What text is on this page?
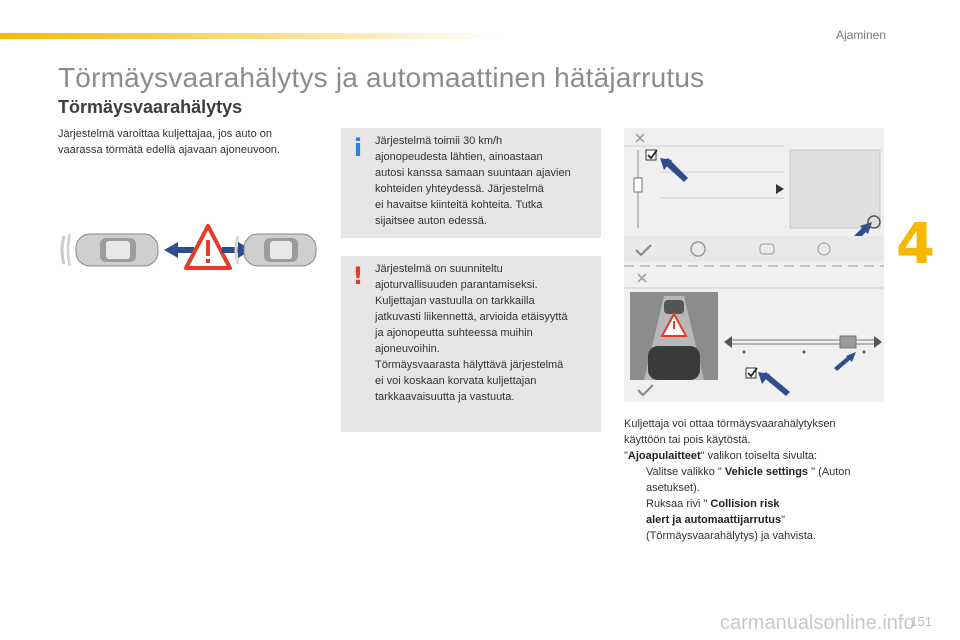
Ajaminen
Törmäysvaarahälytys ja automaattinen hätäjarrutus
Törmäysvaarahälytys
Järjestelmä varoittaa kuljettajaa, jos auto on
vaarassa törmätä edellä ajavaan ajoneuvoon.	i	Järjestelmä toimii 30 km/h
ajonopeudesta lähtien, ainoastaan
autosi kanssa samaan suuntaan ajavien
kohteiden yhteydessä. Järjestelmä
ei havaitse kiinteitä kohteita. Tutka
sijaitsee auton edessä.
!	Järjestelmä on suunniteltu
ajoturvallisuuden parantamiseksi.
Kuljettajan vastuulla on tarkkailla
jatkuvasti liikennettä, arvioida etäisyyttä
ja ajonopeutta suhteessa muihin
ajoneuvoihin.
Törmäysvaarasta hälyttävä järjestelmä
ei voi koskaan korvata kuljettajan
tarkkaavaisuutta ja vastuuta.
4
Kuljettaja voi ottaa törmäysvaarahälytyksen
käyttöön tai pois käytöstä.
"Ajoapulaitteet" valikon toiselta sivulta:
Valitse valikko " Vehicle settings " (Auton
asetukset).
Ruksaa rivi " Collision risk
alert ja automaattijarrutus"
(Törmäysvaarahälytys) ja vahvista.
carmanualsonline.info
151
